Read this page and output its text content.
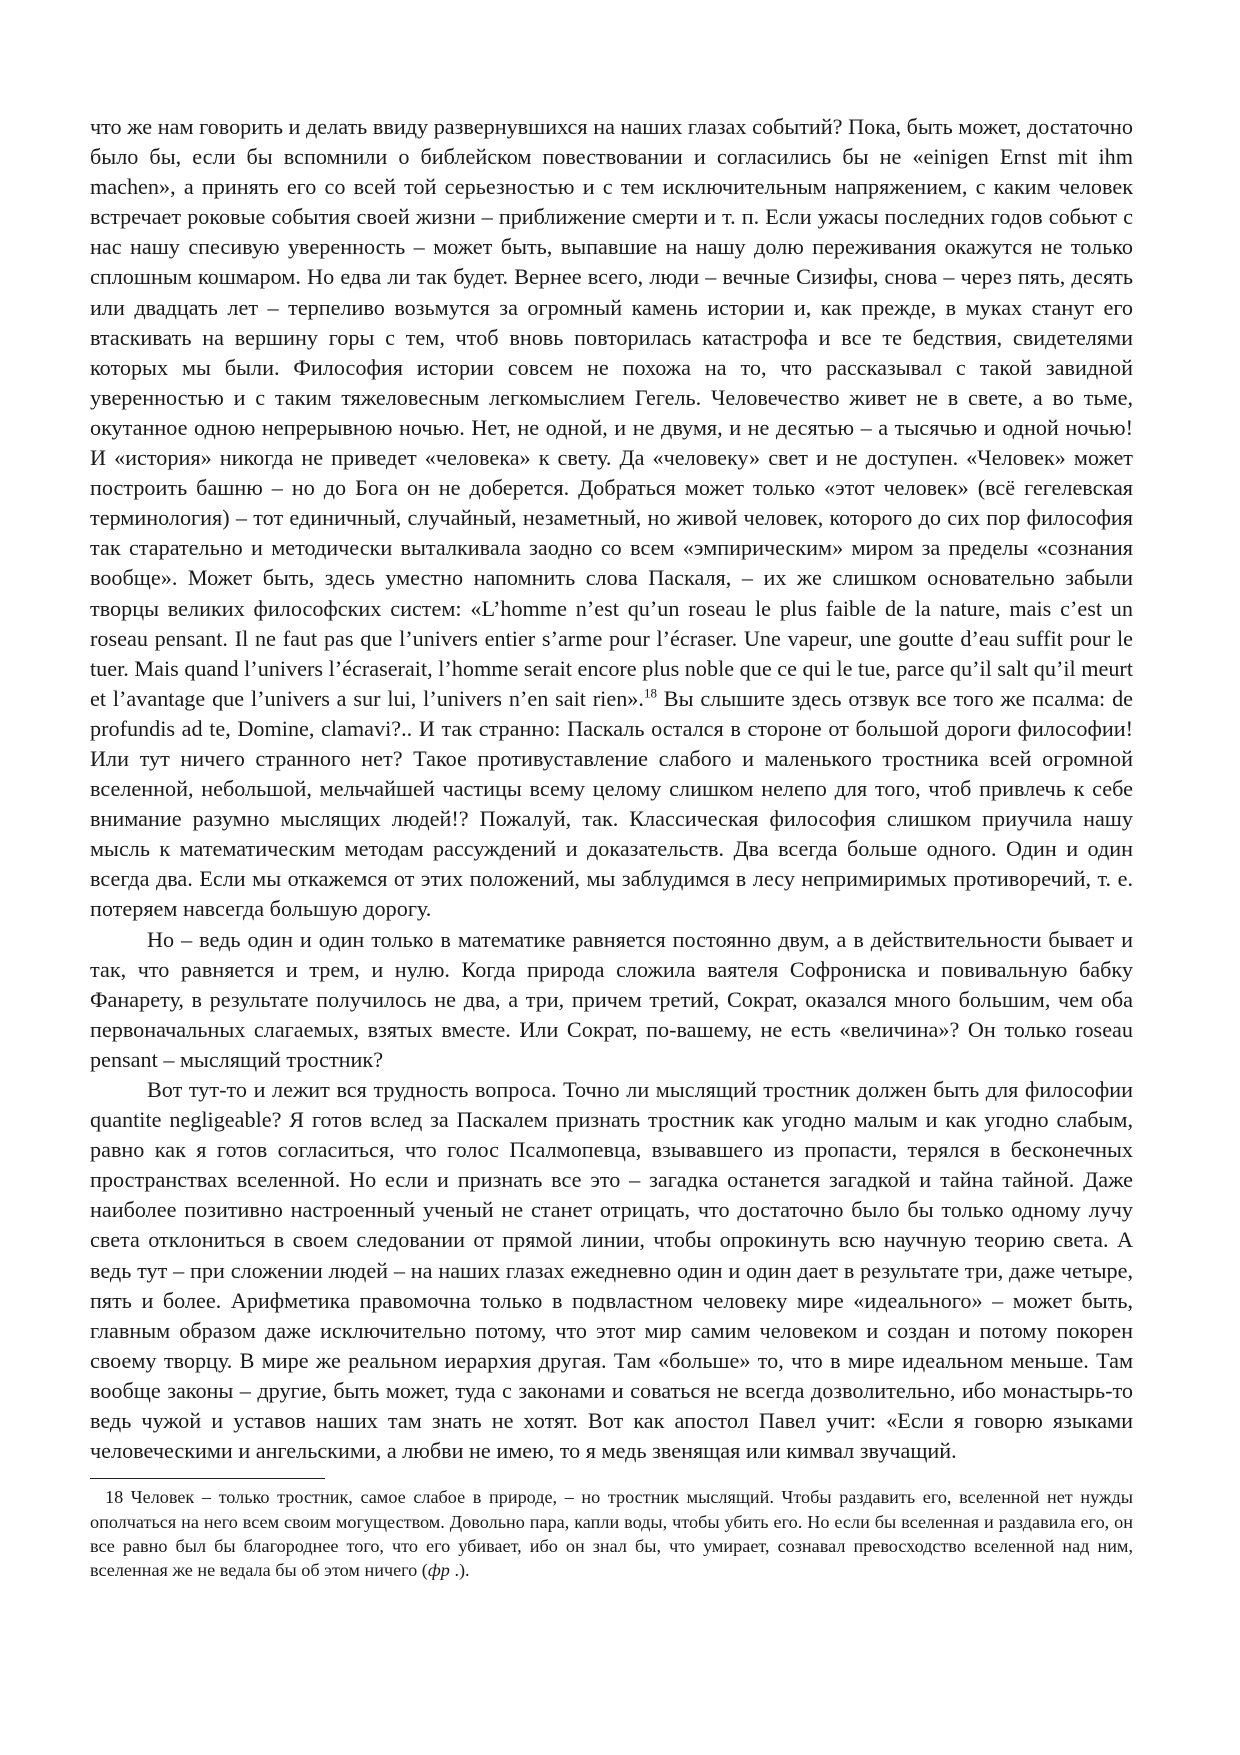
что же нам говорить и делать ввиду развернувшихся на наших глазах событий? Пока, быть может, достаточно было бы, если бы вспомнили о библейском повествовании и согласились бы не «einigen Ernst mit ihm machen», а принять его со всей той серьезностью и с тем исключительным напряжением, с каким человек встречает роковые события своей жизни – приближение смерти и т. п. Если ужасы последних годов собьют с нас нашу спесивую уверенность – может быть, выпавшие на нашу долю переживания окажутся не только сплошным кошмаром. Но едва ли так будет. Вернее всего, люди – вечные Сизифы, снова – через пять, десять или двадцать лет – терпеливо возьмутся за огромный камень истории и, как прежде, в муках станут его втаскивать на вершину горы с тем, чтоб вновь повторилась катастрофа и все те бедствия, свидетелями которых мы были. Философия истории совсем не похожа на то, что рассказывал с такой завидной уверенностью и с таким тяжеловесным легкомыслием Гегель. Человечество живет не в свете, а во тьме, окутанное одною непрерывною ночью. Нет, не одной, и не двумя, и не десятью – а тысячью и одной ночью! И «история» никогда не приведет «человека» к свету. Да «человеку» свет и не доступен. «Человек» может построить башню – но до Бога он не доберется. Добраться может только «этот человек» (всё гегелевская терминология) – тот единичный, случайный, незаметный, но живой человек, которого до сих пор философия так старательно и методически выталкивала заодно со всем «эмпирическим» миром за пределы «сознания вообще». Может быть, здесь уместно напомнить слова Паскаля, – их же слишком основательно забыли творцы великих философских систем: «L’homme n’est qu’un roseau le plus faible de la nature, mais c’est un roseau pensant. Il ne faut pas que l’univers entier s’arme pour l’écraser. Une vapeur, une goutte d’eau suffit pour le tuer. Mais quand l’univers l’écraserait, l’homme serait encore plus noble que ce qui le tue, parce qu’il salt qu’il meurt et l’avantage que l’univers a sur lui, l’univers n’en sait rien».$^{18}$ Вы слышите здесь отзвук все того же псалма: de profundis ad te, Domine, clamavi?.. И так странно: Паскаль остался в стороне от большой дороги философии! Или тут ничего странного нет? Такое противуставление слабого и маленького тростника всей огромной вселенной, небольшой, мельчайшей частицы всему целому слишком нелепо для того, чтоб привлечь к себе внимание разумно мыслящих людей!? Пожалуй, так. Классическая философия слишком приучила нашу мысль к математическим методам рассуждений и доказательств. Два всегда больше одного. Один и один всегда два. Если мы откажемся от этих положений, мы заблудимся в лесу непримиримых противоречий, т. е. потеряем навсегда большую дорогу.

Но – ведь один и один только в математике равняется постоянно двум, а в действительности бывает и так, что равняется и трем, и нулю. Когда природа сложила ваятеля Софрониска и повивальную бабку Фанарету, в результате получилось не два, а три, причем третий, Сократ, оказался много большим, чем оба первоначальных слагаемых, взятых вместе. Или Сократ, по-вашему, не есть «величина»? Он только roseau pensant – мыслящий тростник?

Вот тут-то и лежит вся трудность вопроса. Точно ли мыслящий тростник должен быть для философии quantite negligeable? Я готов вслед за Паскалем признать тростник как угодно малым и как угодно слабым, равно как я готов согласиться, что голос Псалмопевца, взывавшего из пропасти, терялся в бесконечных пространствах вселенной. Но если и признать все это – загадка останется загадкой и тайна тайной. Даже наиболее позитивно настроенный ученый не станет отрицать, что достаточно было бы только одному лучу света отклониться в своем следовании от прямой линии, чтобы опрокинуть всю научную теорию света. А ведь тут – при сложении людей – на наших глазах ежедневно один и один дает в результате три, даже четыре, пять и более. Арифметика правомочна только в подвластном человеку мире «идеального» – может быть, главным образом даже исключительно потому, что этот мир самим человеком и создан и потому покорен своему творцу. В мире же реальном иерархия другая. Там «больше» то, что в мире идеальном меньше. Там вообще законы – другие, быть может, туда с законами и соваться не всегда дозволительно, ибо монастырь-то ведь чужой и уставов наших там знать не хотят. Вот как апостол Павел учит: «Если я говорю языками человеческими и ангельскими, а любви не имею, то я медь звенящая или кимвал звучащий.

18 Человек – только тростник, самое слабое в природе, – но тростник мыслящий. Чтобы раздавить его, вселенной нет нужды ополчаться на него всем своим могуществом. Довольно пара, капли воды, чтобы убить его. Но если бы вселенная и раздавила его, он все равно был бы благороднее того, что его убивает, ибо он знал бы, что умирает, сознавал превосходство вселенной над ним, вселенная же не ведала бы об этом ничего (фр .).
